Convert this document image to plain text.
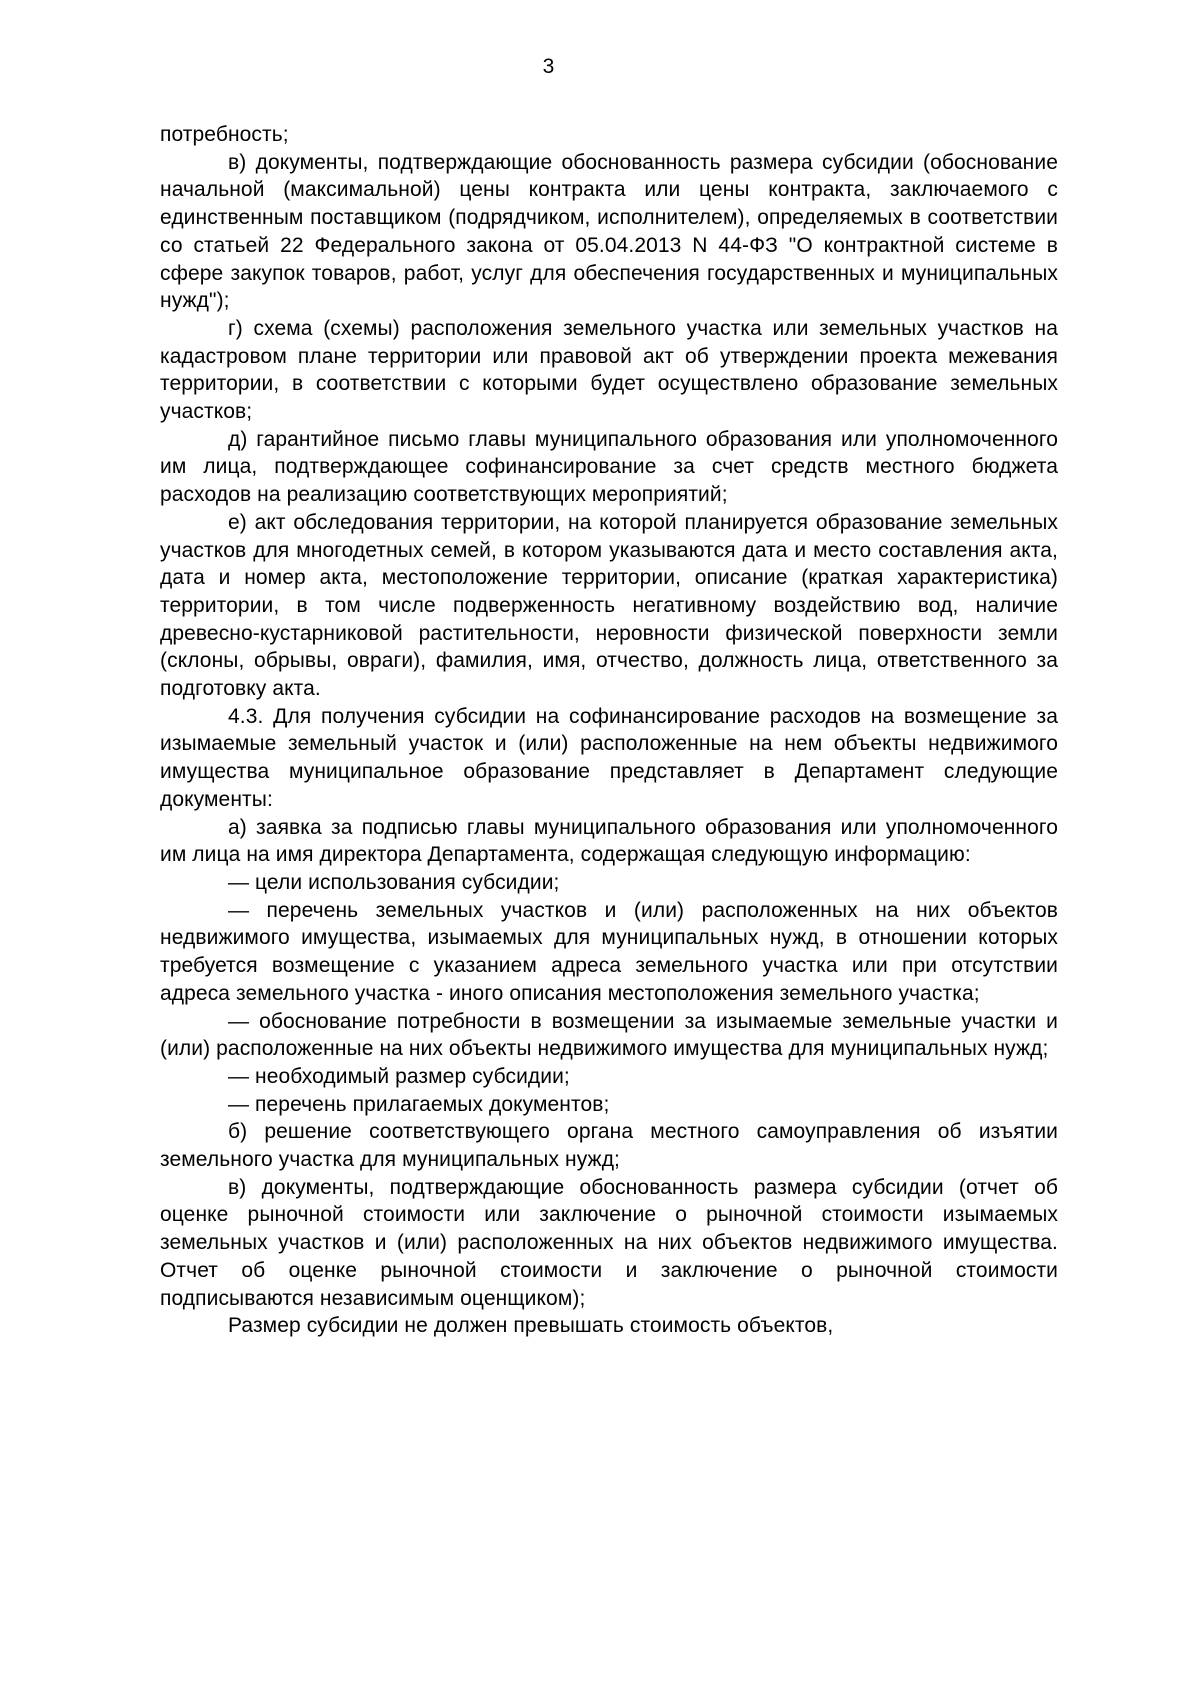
3

потребность;

в) документы, подтверждающие обоснованность размера субсидии (обоснование начальной (максимальной) цены контракта или цены контракта, заключаемого с единственным поставщиком (подрядчиком, исполнителем), определяемых в соответствии со статьей 22 Федерального закона от 05.04.2013 N 44-ФЗ "О контрактной системе в сфере закупок товаров, работ, услуг для обеспечения государственных и муниципальных нужд");

г) схема (схемы) расположения земельного участка или земельных участков на кадастровом плане территории или правовой акт об утверждении проекта межевания территории, в соответствии с которыми будет осуществлено образование земельных участков;

д) гарантийное письмо главы муниципального образования или уполномоченного им лица, подтверждающее софинансирование за счет средств местного бюджета расходов на реализацию соответствующих мероприятий;

е) акт обследования территории, на которой планируется образование земельных участков для многодетных семей, в котором указываются дата и место составления акта, дата и номер акта, местоположение территории, описание (краткая характеристика) территории, в том числе подверженность негативному воздействию вод, наличие древесно-кустарниковой растительности, неровности физической поверхности земли (склоны, обрывы, овраги), фамилия, имя, отчество, должность лица, ответственного за подготовку акта.

4.3. Для получения субсидии на софинансирование расходов на возмещение за изымаемые земельный участок и (или) расположенные на нем объекты недвижимого имущества муниципальное образование представляет в Департамент следующие документы:

а) заявка за подписью главы муниципального образования или уполномоченного им лица на имя директора Департамента, содержащая следующую информацию:

— цели использования субсидии;

— перечень земельных участков и (или) расположенных на них объектов недвижимого имущества, изымаемых для муниципальных нужд, в отношении которых требуется возмещение с указанием адреса земельного участка или при отсутствии адреса земельного участка - иного описания местоположения земельного участка;

— обоснование потребности в возмещении за изымаемые земельные участки и (или) расположенные на них объекты недвижимого имущества для муниципальных нужд;

— необходимый размер субсидии;

— перечень прилагаемых документов;

б) решение соответствующего органа местного самоуправления об изъятии земельного участка для муниципальных нужд;

в) документы, подтверждающие обоснованность размера субсидии (отчет об оценке рыночной стоимости или заключение о рыночной стоимости изымаемых земельных участков и (или) расположенных на них объектов недвижимого имущества. Отчет об оценке рыночной стоимости и заключение о рыночной стоимости подписываются независимым оценщиком);

Размер субсидии не должен превышать стоимость объектов,
